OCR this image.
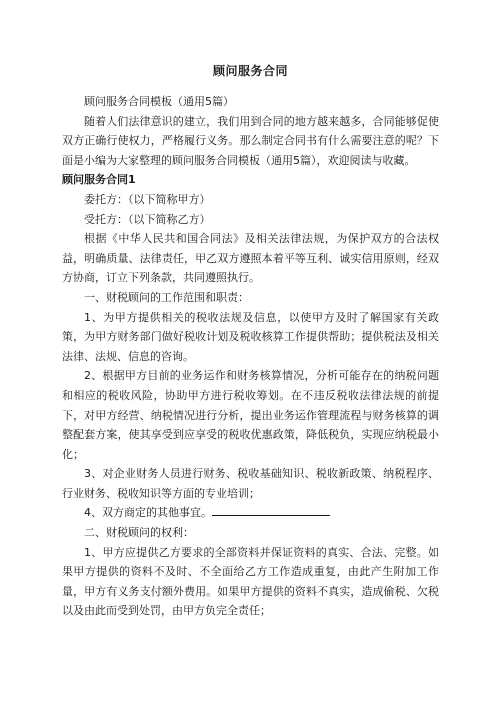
顾问服务合同

顾问服务合同模板（通用5篇）

随着人们法律意识的建立，我们用到合同的地方越来越多，合同能够促使双方正确行使权力，严格履行义务。那么制定合同书有什么需要注意的呢？下面是小编为大家整理的顾问服务合同模板（通用5篇），欢迎阅读与收藏。

顾问服务合同1

委托方：（以下简称甲方）

受托方：（以下简称乙方）

根据《中华人民共和国合同法》及相关法律法规，为保护双方的合法权益，明确质量、法律责任，甲乙双方遵照本着平等互利、诚实信用原则，经双方协商，订立下列条款，共同遵照执行。

一、财税顾问的工作范围和职责：

1、为甲方提供相关的税收法规及信息，以使甲方及时了解国家有关政策，为甲方财务部门做好税收计划及税收核算工作提供帮助；提供税法及相关法律、法规、信息的咨询。

2、根据甲方目前的业务运作和财务核算情况，分析可能存在的纳税问题和相应的税收风险，协助甲方进行税收筹划。在不违反税收法律法规的前提下，对甲方经营、纳税情况进行分析，提出业务运作管理流程与财务核算的调整配套方案，使其享受到应享受的税收优惠政策，降低税负，实现应纳税最小化；

3、对企业财务人员进行财务、税收基础知识、税收新政策、纳税程序、行业财务、税收知识等方面的专业培训；

4、双方商定的其他事宜。

二、财税顾问的权利：

1、甲方应提供乙方要求的全部资料并保证资料的真实、合法、完整。如果甲方提供的资料不及时、不全面给乙方工作造成重复，由此产生附加工作量，甲方有义务支付额外费用。如果甲方提供的资料不真实，造成偷税、欠税以及由此而受到处罚，由甲方负完全责任；
